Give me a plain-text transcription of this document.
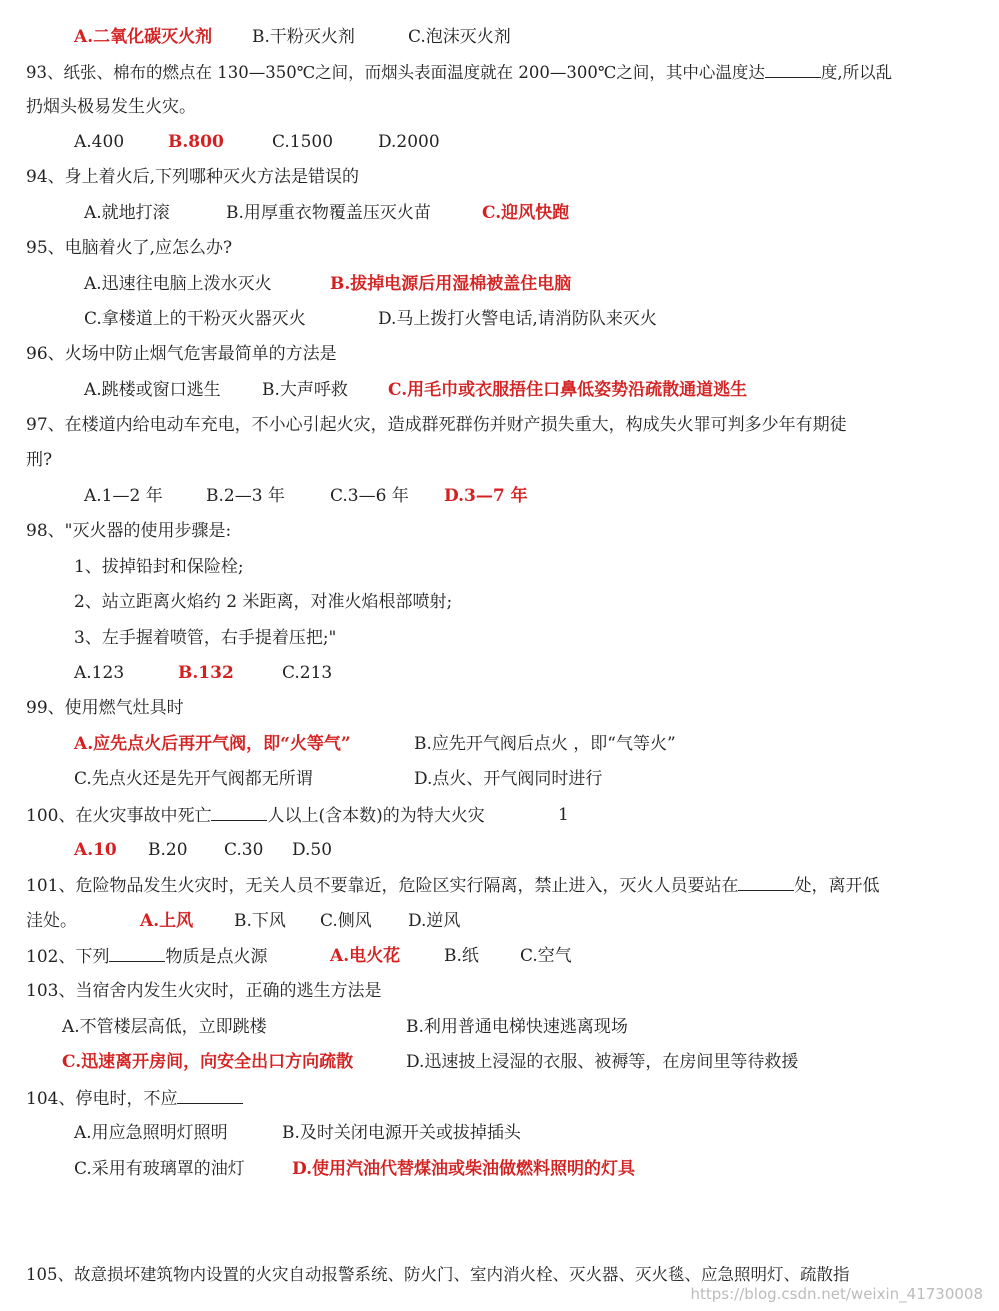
A.二氧化碳灭火剂 B.干粉灭火剂	C.泡沫灭火剂
93、纸张、棉布的燃点在 130—350℃之间，而烟头表面温度就在 200—300℃之间，其中心温度达	度,所以乱
扔烟头极易发生火灾。
A.400	B.800	C.1500	D.2000
94、身上着火后,下列哪种灭火方法是错误的
A.就地打滚	B.用厚重衣物覆盖压灭火苗	C.迎风快跑
95、电脑着火了,应怎么办?
A.迅速往电脑上泼水灭火	B.拔掉电源后用湿棉被盖住电脑
C.拿楼道上的干粉灭火器灭火	D.马上拨打火警电话,请消防队来灭火
96、火场中防止烟气危害最简单的方法是
A.跳楼或窗口逃生 B.大声呼救 C.用毛巾或衣服捂住口鼻低姿势沿疏散通道逃生
97、在楼道内给电动车充电，不小心引起火灾，造成群死群伤并财产损失重大，构成失火罪可判多少年有期徒
刑?
A.1—2 年	B.2—3 年	C.3—6 年 D.3—7 年
98、"灭火器的使用步骤是:
1、拔掉铅封和保险栓;
2、站立距离火焰约 2 米距离，对准火焰根部喷射;
3、左手握着喷管，右手提着压把;"
A.123	B.132	C.213
99、使用燃气灶具时
A.应先点火后再开气阀，即“火等气”	B.应先开气阀后点火 ，即“气等火”
C.先点火还是先开气阀都无所谓	D.点火、开气阀同时进行
100、在火灾事故中死亡	人以上(含本数)的为特大火灾	1
A.10 B.20 C.30 D.50
101、危险物品发生火灾时，无关人员不要靠近，危险区实行隔离，禁止进入，灭火人员要站在	处，离开低
洼处。	A.上风 B.下风 C.侧风 D.逆风
102、下列	物质是点火源	A.电火花	B.纸 C.空气
103、当宿舍内发生火灾时，正确的逃生方法是
A.不管楼层高低，立即跳楼	B.利用普通电梯快速逃离现场
C.迅速离开房间，向安全出口方向疏散	D.迅速披上浸湿的衣服、被褥等，在房间里等待救援
104、停电时，不应
A.用应急照明灯照明	B.及时关闭电源开关或拔掉插头
C.采用有玻璃罩的油灯	D.使用汽油代替煤油或柴油做燃料照明的灯具
105、故意损坏建筑物内设置的火灾自动报警系统、防火门、室内消火栓、灭火器、灭火毯、应急照明灯、疏散指
https://blog.csdn.net/weixin_41730008
